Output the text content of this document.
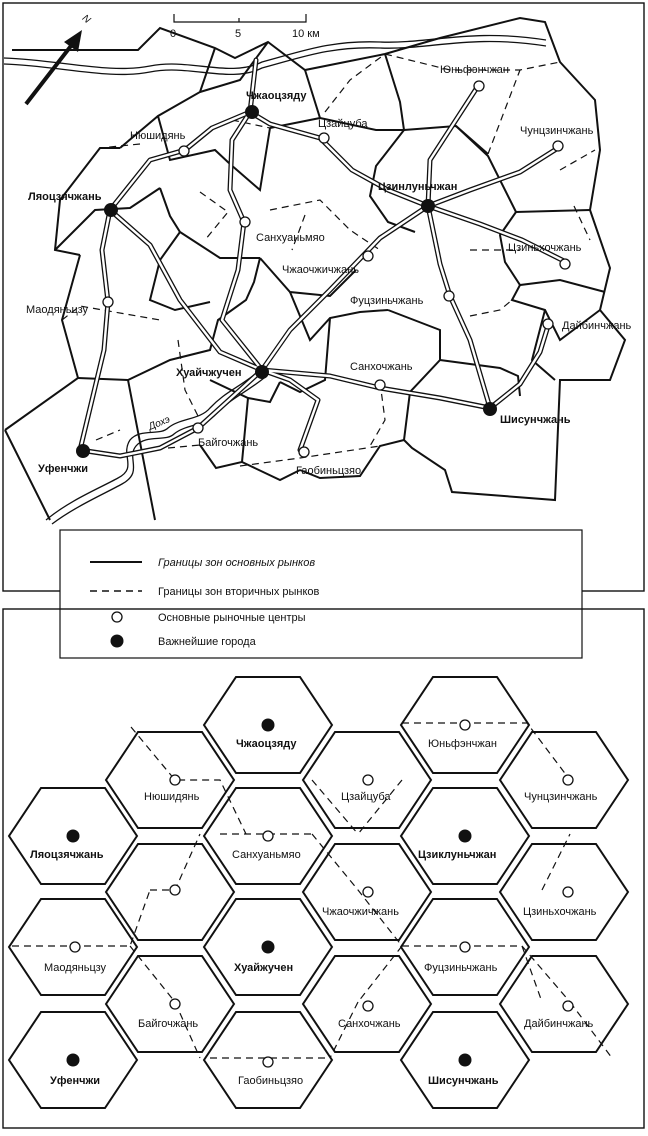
0	5	10 км
N
Дохэ
Чжаоцзяду
Нюшидянь
Цзайцуба
Юньфэнчжан
Чунцзинчжань
Ляоцзячжань
Цзинлуньчжан
Санхуаньмяо
Чжаочжичжань
Цзиньхочжань
Маодяньцзу
Фуцзиньчжань
Дайбинчжань
Хуайчжучен	Санхочжань
Байгочжань
Шисунчжань
Уфенчжи	Гаобиньцзяо
Границы зон основных рынков
Границы зон вторичных рынков
Основные рыночные центры
Важнейшие города
Чжаоцзяду	Юньфэнчжан
Нюшидянь	Цзайцуба	Чунцзинчжань
Ляоцзячжань	Санхуаньмяо	Цзиклуньчжан
Чжаочжичжань	Цзиньхочжань
Маодяньцзу	Хуайжучен	Фуцзиньчжань
Байгочжань	Санхочжань	Дайбинчжань
Уфенчжи	Гаобиньцзяо	Шисунчжань
